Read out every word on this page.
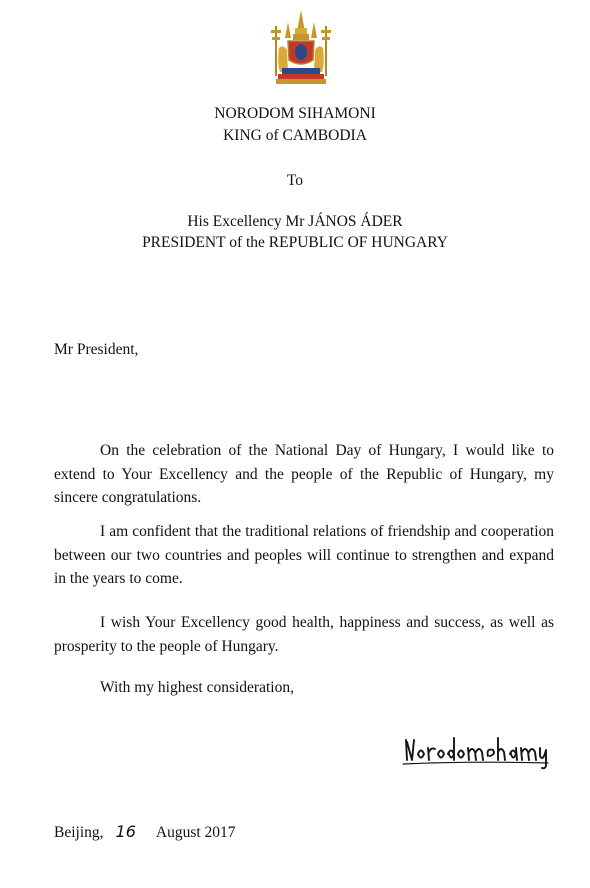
NORODOM SIHAMONI
KING of CAMBODIA
To
His Excellency Mr JÁNOS ÁDER
PRESIDENT of the REPUBLIC OF HUNGARY
Mr President,

On the celebration of the National Day of Hungary, I would like to extend to Your Excellency and the people of the Republic of Hungary, my sincere congratulations.

I am confident that the traditional relations of friendship and cooperation between our two countries and peoples will continue to strengthen and expand in the years to come.

I wish Your Excellency good health, happiness and success, as well as prosperity to the people of Hungary.

With my highest consideration,
Beijing, 16 August 2017
